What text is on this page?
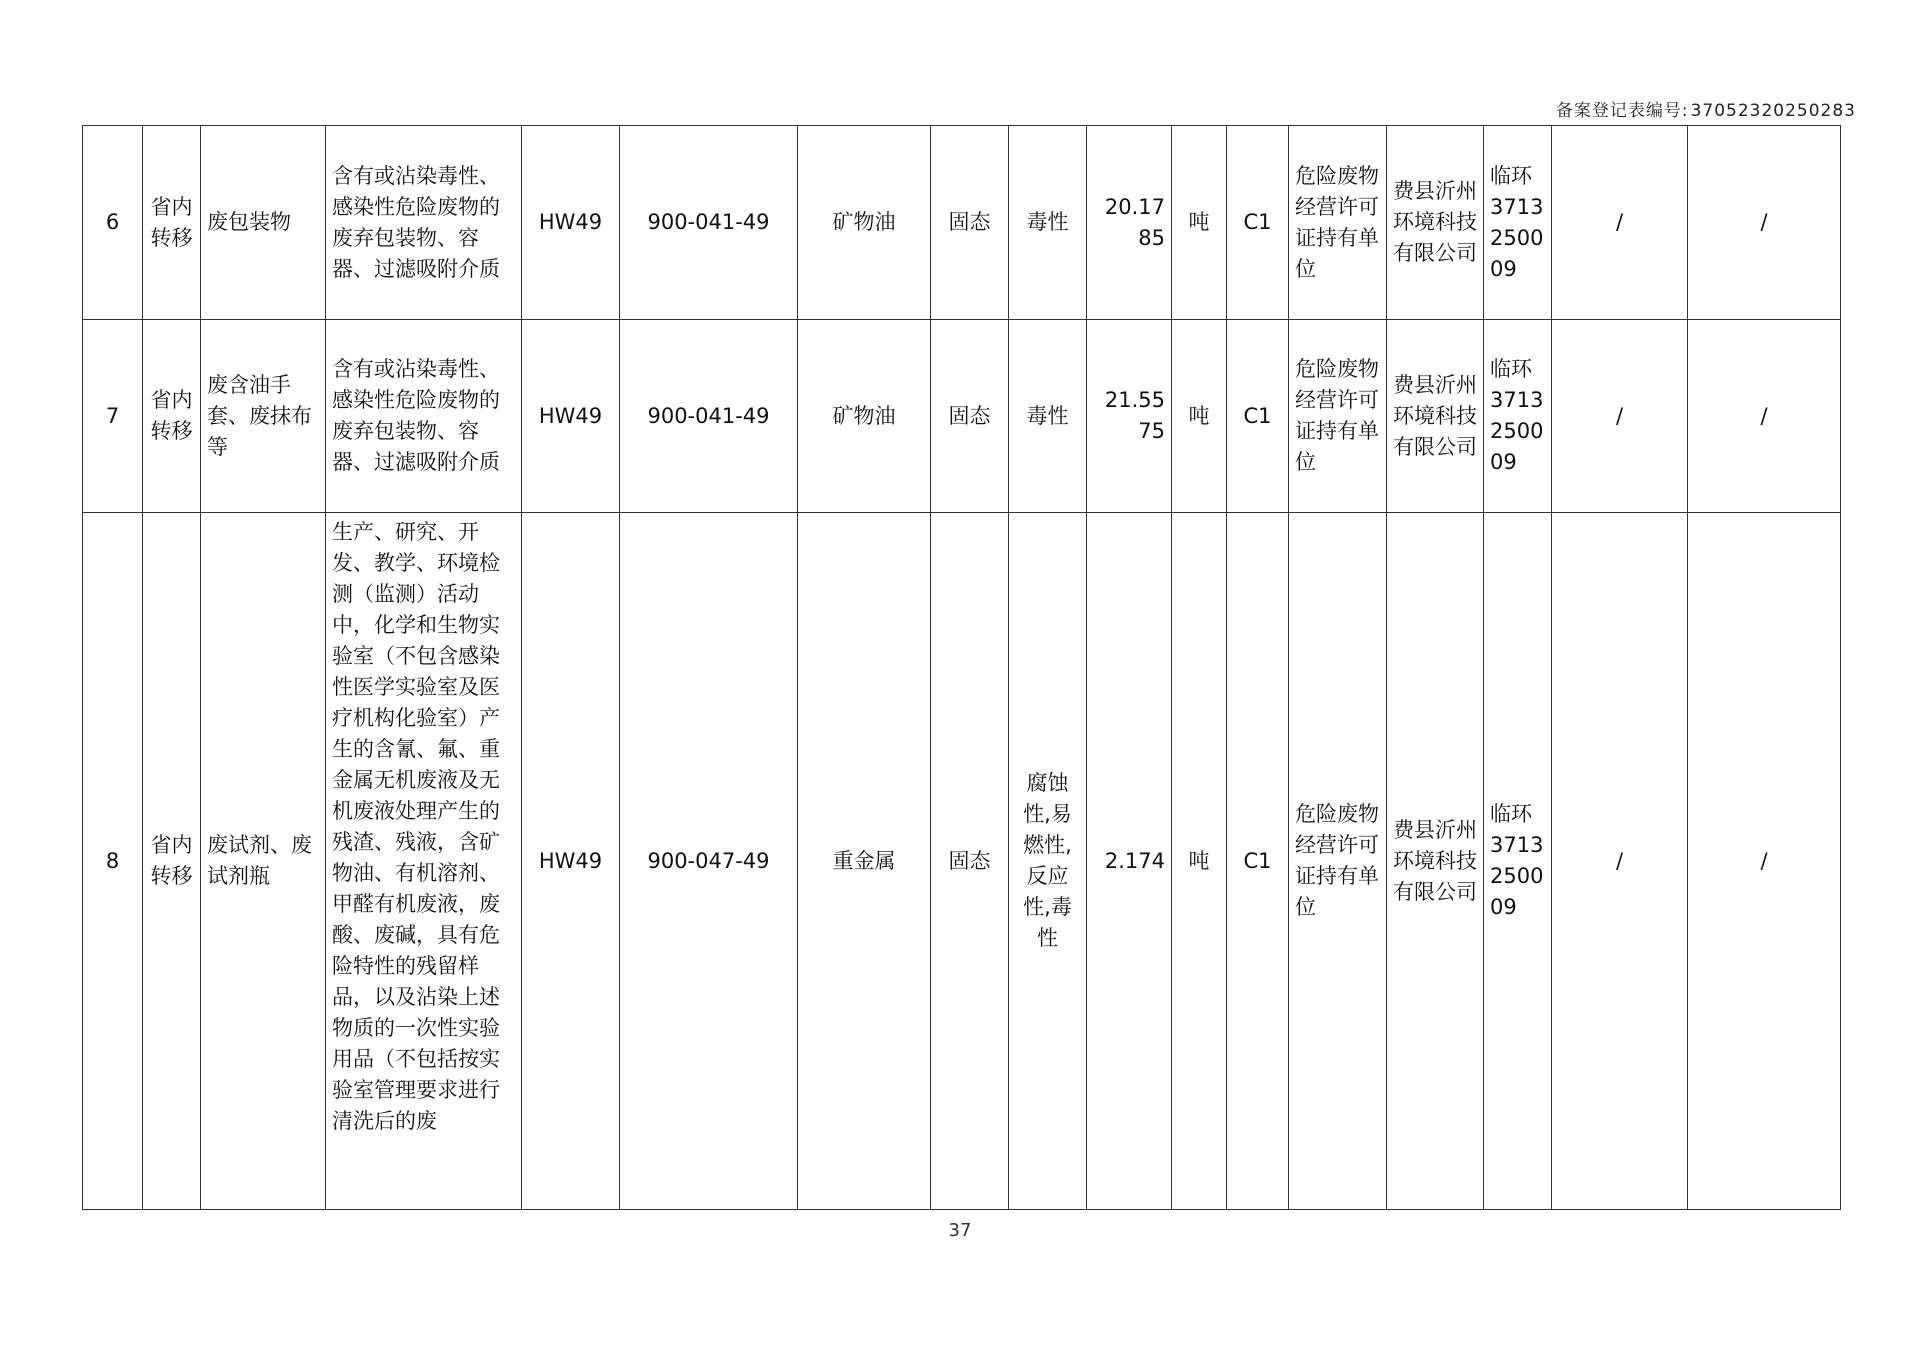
备案登记表编号: 37052320250283
6	省内转移	废包装物	含有或沾染毒性、感染性危险废物的废弃包装物、容器、过滤吸附介质	HW49	900-041-49	矿物油	固态	毒性	20.1785	吨	C1	危险废物经营许可证持有单位	费县沂州环境科技有限公司	临环3713250009	/	/
7	省内转移	废含油手套、废抹布等	含有或沾染毒性、感染性危险废物的废弃包装物、容器、过滤吸附介质	HW49	900-041-49	矿物油	固态	毒性	21.5575	吨	C1	危险废物经营许可证持有单位	费县沂州环境科技有限公司	临环3713250009	/	/
8	省内转移	废试剂、废试剂瓶	生产、研究、开发、教学、环境检测（监测）活动中，化学和生物实验室（不包含感染性医学实验室及医疗机构化验室）产生的含氰、氟、重金属无机废液及无机废液处理产生的残渣、残液，含矿物油、有机溶剂、甲醛有机废液，废酸、废碱，具有危险特性的残留样品，以及沾染上述物质的一次性实验用品（不包括按实验室管理要求进行清洗后的废	HW49	900-047-49	重金属	固态	腐蚀性,易燃性,反应性,毒性	2.174	吨	C1	危险废物经营许可证持有单位	费县沂州环境科技有限公司	临环3713250009	/	/
37
